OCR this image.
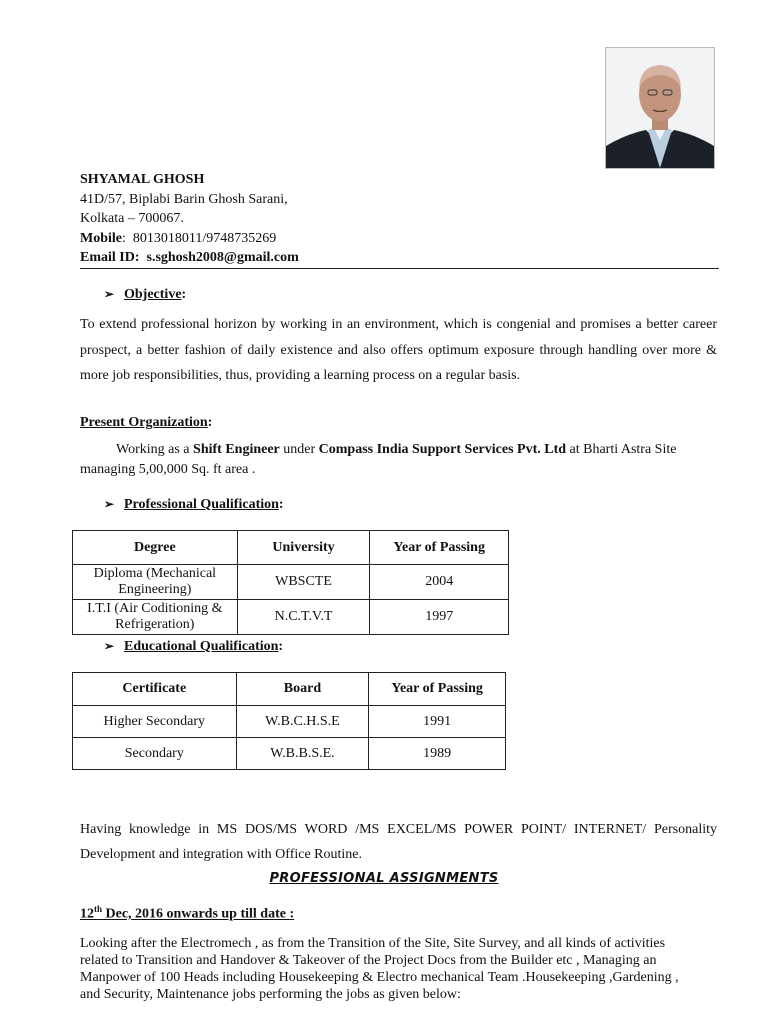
SHYAMAL GHOSH
41D/57, Biplabi Barin Ghosh Sarani,
Kolkata – 700067.
Mobile:  8013018011/9748735269
Email ID: s.sghosh2008@gmail.com
➢ Objective:
To extend professional horizon by working in an environment, which is congenial and promises a better career prospect, a better fashion of daily existence and also offers optimum exposure through handling over more & more job responsibilities, thus, providing a learning process on a regular basis.
Present Organization:
Working as a Shift Engineer under Compass India Support Services Pvt. Ltd at Bharti Astra Site managing 5,00,000 Sq. ft area .
➢ Professional Qualification:
Degree	University	Year of Passing
Diploma (Mechanical Engineering)	WBSCTE	2004
I.T.I (Air Coditioning & Refrigeration)	N.C.T.V.T	1997
➢ Educational Qualification:
Certificate	Board	Year of Passing
Higher Secondary	W.B.C.H.S.E	1991
Secondary	W.B.B.S.E.	1989
Having knowledge in MS DOS/MS WORD /MS EXCEL/MS POWER POINT/ INTERNET/ Personality Development and integration with Office Routine.
PROFESSIONAL ASSIGNMENTS
12th Dec, 2016 onwards up till date :
Looking after the Electromech , as from the Transition of the Site, Site Survey, and all kinds of activities
related to Transition and Handover & Takeover of the Project Docs from the Builder etc , Managing an
Manpower of 100 Heads including Housekeeping & Electro mechanical Team .Housekeeping ,Gardening ,
and Security, Maintenance jobs performing the jobs as given below:
